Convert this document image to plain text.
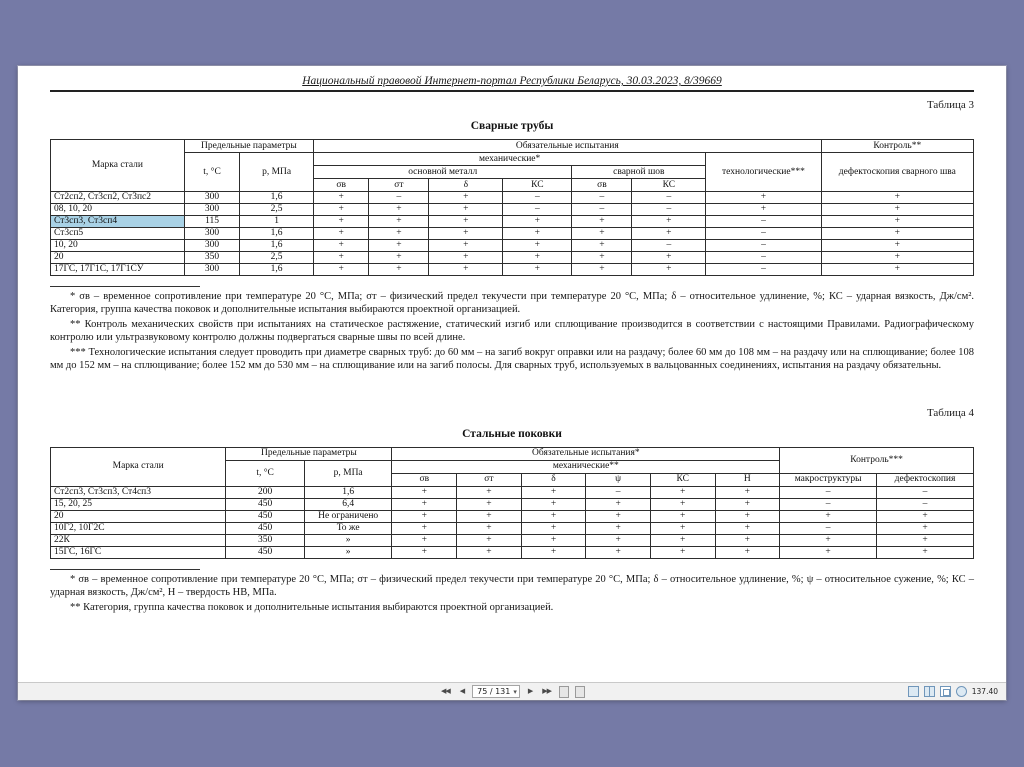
Национальный правовой Интернет-портал Республики Беларусь, 30.03.2023, 8/39669
Таблица 3
Сварные трубы
Марка стали	Предельные параметры		Обязательные испытания							Контроль**
	t, °С	р, МПа	механические*						технологические***	дефектоскопия сварного шва
			основной металл				сварной шов			
			σв	σт	δ	КС	σв	КС		
Ст2сп2, Ст3сп2, Ст3пс2	300	1,6	+	–	+	–	–	–	+	+
08, 10, 20	300	2,5	+	+	+	–	–	–	+	+
Ст3сп3, Ст3сп4	115	1	+	+	+	+	+	+	–	+
Ст3сп5	300	1,6	+	+	+	+	+	+	–	+
10, 20	300	1,6	+	+	+	+	+	–	–	+
20	350	2,5	+	+	+	+	+	+	–	+
17ГС, 17Г1С, 17Г1СУ	300	1,6	+	+	+	+	+	+	–	+

* σв – временное сопротивление при температуре 20 °С, МПа; σт – физический предел текучести при температуре 20 °С, МПа; δ – относительное удлинение, %; КС – ударная вязкость, Дж/см². Категория, группа качества поковок и дополнительные испытания выбираются проектной организацией.

** Контроль механических свойств при испытаниях на статическое растяжение, статический изгиб или сплющивание производится в соответствии с настоящими Правилами. Радиографическому контролю или ультразвуковому контролю должны подвергаться сварные швы по всей длине.

*** Технологические испытания следует проводить при диаметре сварных труб: до 60 мм – на загиб вокруг оправки или на раздачу; более 60 мм до 108 мм – на раздачу или на сплющивание; более 108 мм до 152 мм – на сплющивание; более 152 мм до 530 мм – на сплющивание или на загиб полосы. Для сварных труб, используемых в вальцованных соединениях, испытания на раздачу обязательны.

Таблица 4
Стальные поковки
Марка стали	Предельные параметры		Обязательные испытания*						Контроль***	
	t, °С	р, МПа	механические**							
			σв	σт	δ	ψ	КС	Н	макроструктуры	дефектоскопия
Ст2сп3, Ст3сп3, Ст4сп3	200	1,6	+	+	+	–	+	+	–	–
15, 20, 25	450	6,4	+	+	+	+	+	+	–	–
20	450	Не ограничено	+	+	+	+	+	+	+	+
10Г2, 10Г2С	450	То же	+	+	+	+	+	+	–	+
22К	350	»	+	+	+	+	+	+	+	+
15ГС, 16ГС	450	»	+	+	+	+	+	+	+	+

* σв – временное сопротивление при температуре 20 °С, МПа; σт – физический предел текучести при температуре 20 °С, МПа; δ – относительное удлинение, %; ψ – относительное сужение, %; КС – ударная вязкость, Дж/см², Н – твердость НВ, МПа.

** Категория, группа качества поковок и дополнительные испытания выбираются проектной организацией.

◀◀ ◀ 75 / 131 ▾ ▶ ▶▶	137.40
